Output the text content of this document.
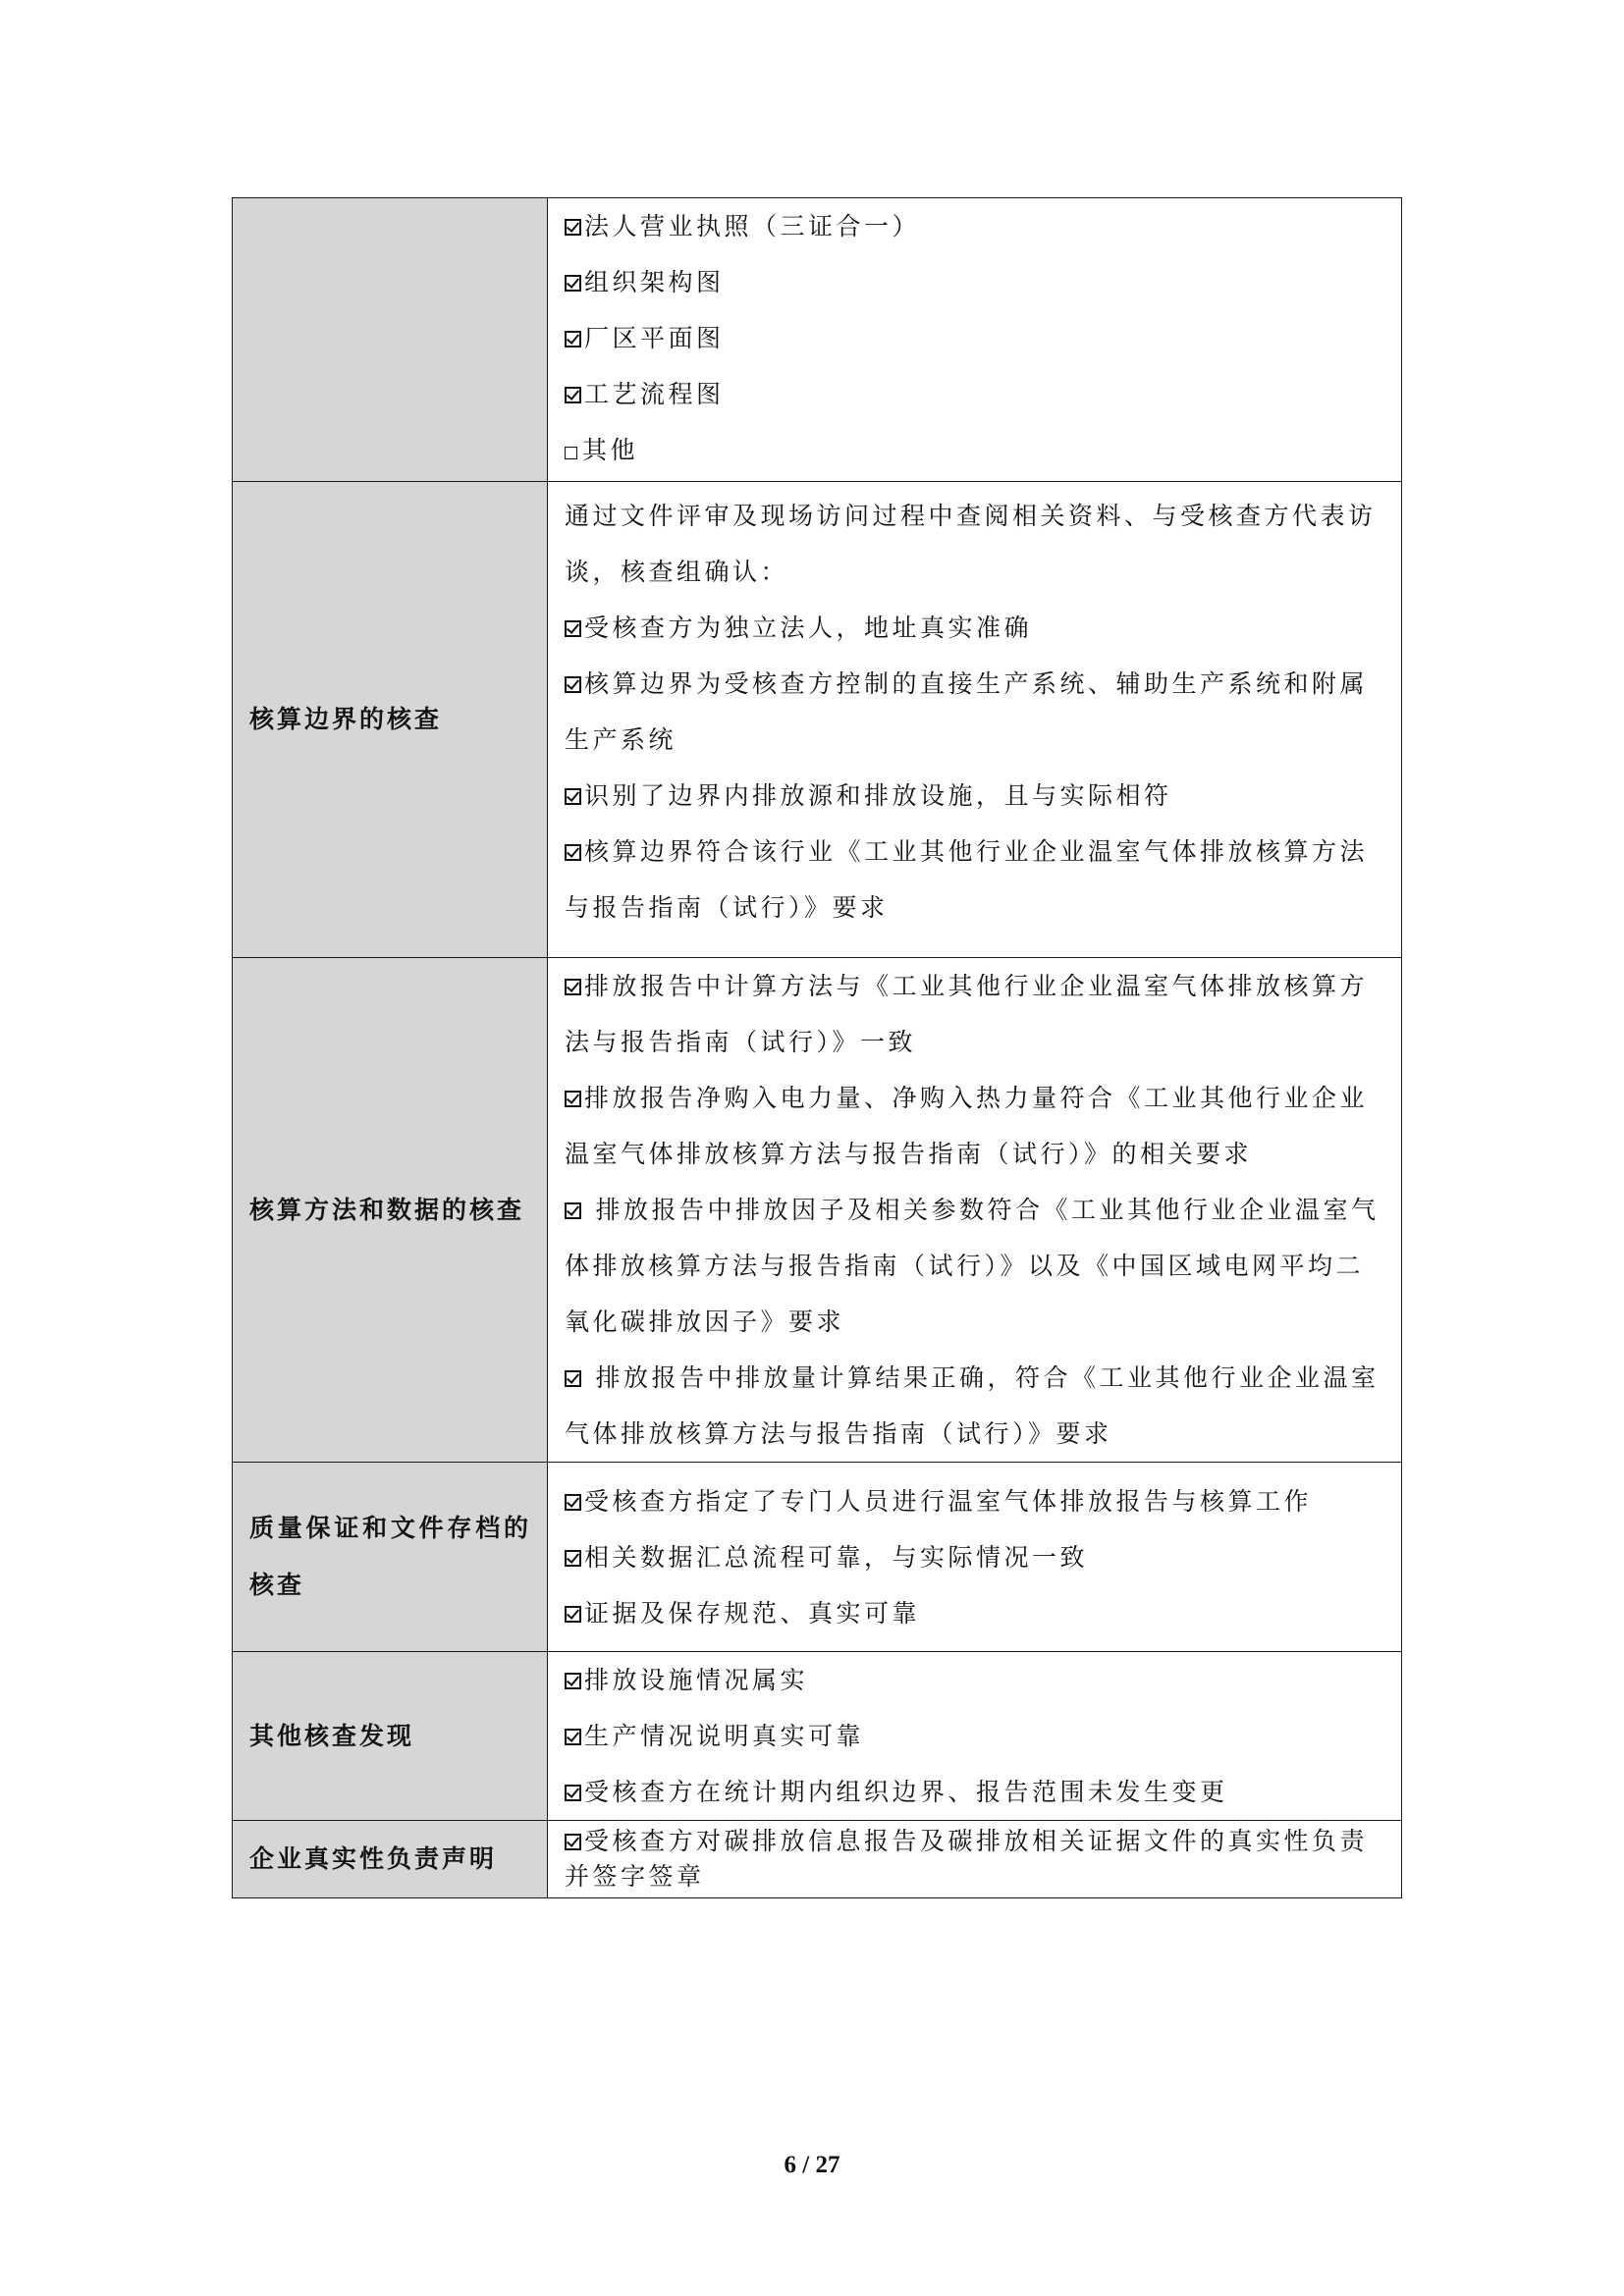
	法人营业执照（三证合一）
组织架构图
厂区平面图
工艺流程图
其他

核算边界的核查	通过文件评审及现场访问过程中查阅相关资料、与受核查方代表访谈，核查组确认：
受核查方为独立法人，地址真实准确
核算边界为受核查方控制的直接生产系统、辅助生产系统和附属生产系统
识别了边界内排放源和排放设施，且与实际相符
核算边界符合该行业《工业其他行业企业温室气体排放核算方法与报告指南（试行）》要求

核算方法和数据的核查	排放报告中计算方法与《工业其他行业企业温室气体排放核算方法与报告指南（试行）》一致
排放报告净购入电力量、净购入热力量符合《工业其他行业企业温室气体排放核算方法与报告指南（试行）》的相关要求
排放报告中排放因子及相关参数符合《工业其他行业企业温室气体排放核算方法与报告指南（试行）》以及《中国区域电网平均二氧化碳排放因子》要求
排放报告中排放量计算结果正确，符合《工业其他行业企业温室气体排放核算方法与报告指南（试行）》要求

质量保证和文件存档的核查	受核查方指定了专门人员进行温室气体排放报告与核算工作
相关数据汇总流程可靠，与实际情况一致
证据及保存规范、真实可靠

其他核查发现	排放设施情况属实
生产情况说明真实可靠
受核查方在统计期内组织边界、报告范围未发生变更

企业真实性负责声明	受核查方对碳排放信息报告及碳排放相关证据文件的真实性负责并签字签章
6 / 27
